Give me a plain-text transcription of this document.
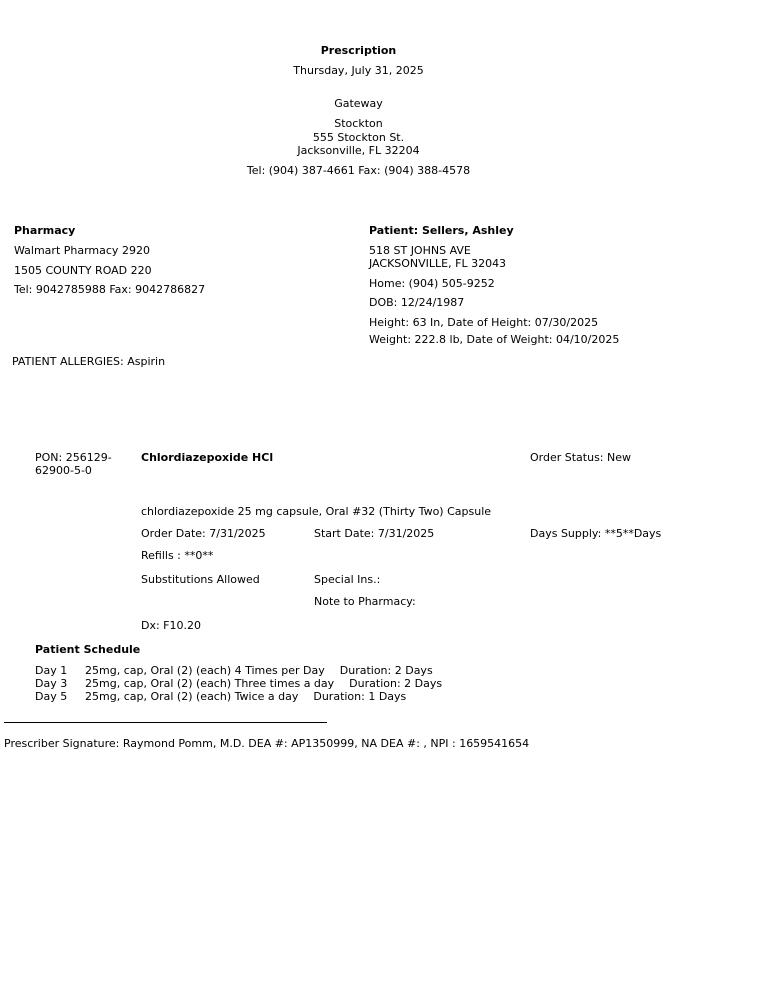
Prescription
Thursday, July 31, 2025
Gateway
Stockton
555 Stockton St.
Jacksonville, FL 32204
Tel: (904) 387-4661 Fax: (904) 388-4578
Pharmacy
Walmart Pharmacy 2920
1505 COUNTY ROAD 220
Tel: 9042785988 Fax: 9042786827
Patient: Sellers, Ashley
518 ST JOHNS AVE
JACKSONVILLE, FL 32043
Home: (904) 505-9252
DOB: 12/24/1987
Height: 63 In, Date of Height: 07/30/2025
Weight: 222.8 lb, Date of Weight: 04/10/2025
PATIENT ALLERGIES: Aspirin
PON: 256129-
62900-5-0
Chlordiazepoxide HCl	Order Status: New
chlordiazepoxide 25 mg capsule, Oral #32 (Thirty Two) Capsule
Order Date: 7/31/2025	Start Date: 7/31/2025	Days Supply: **5**Days
Refills : **0**
Substitutions Allowed	Special Ins.:
Note to Pharmacy:
Dx: F10.20
Patient Schedule
Day 1 25mg, cap, Oral (2) (each) 4 Times per Day Duration: 2 Days
Day 3 25mg, cap, Oral (2) (each) Three times a day Duration: 2 Days
Day 5 25mg, cap, Oral (2) (each) Twice a day Duration: 1 Days
Prescriber Signature: Raymond Pomm, M.D. DEA #: AP1350999, NA DEA #: , NPI : 1659541654
